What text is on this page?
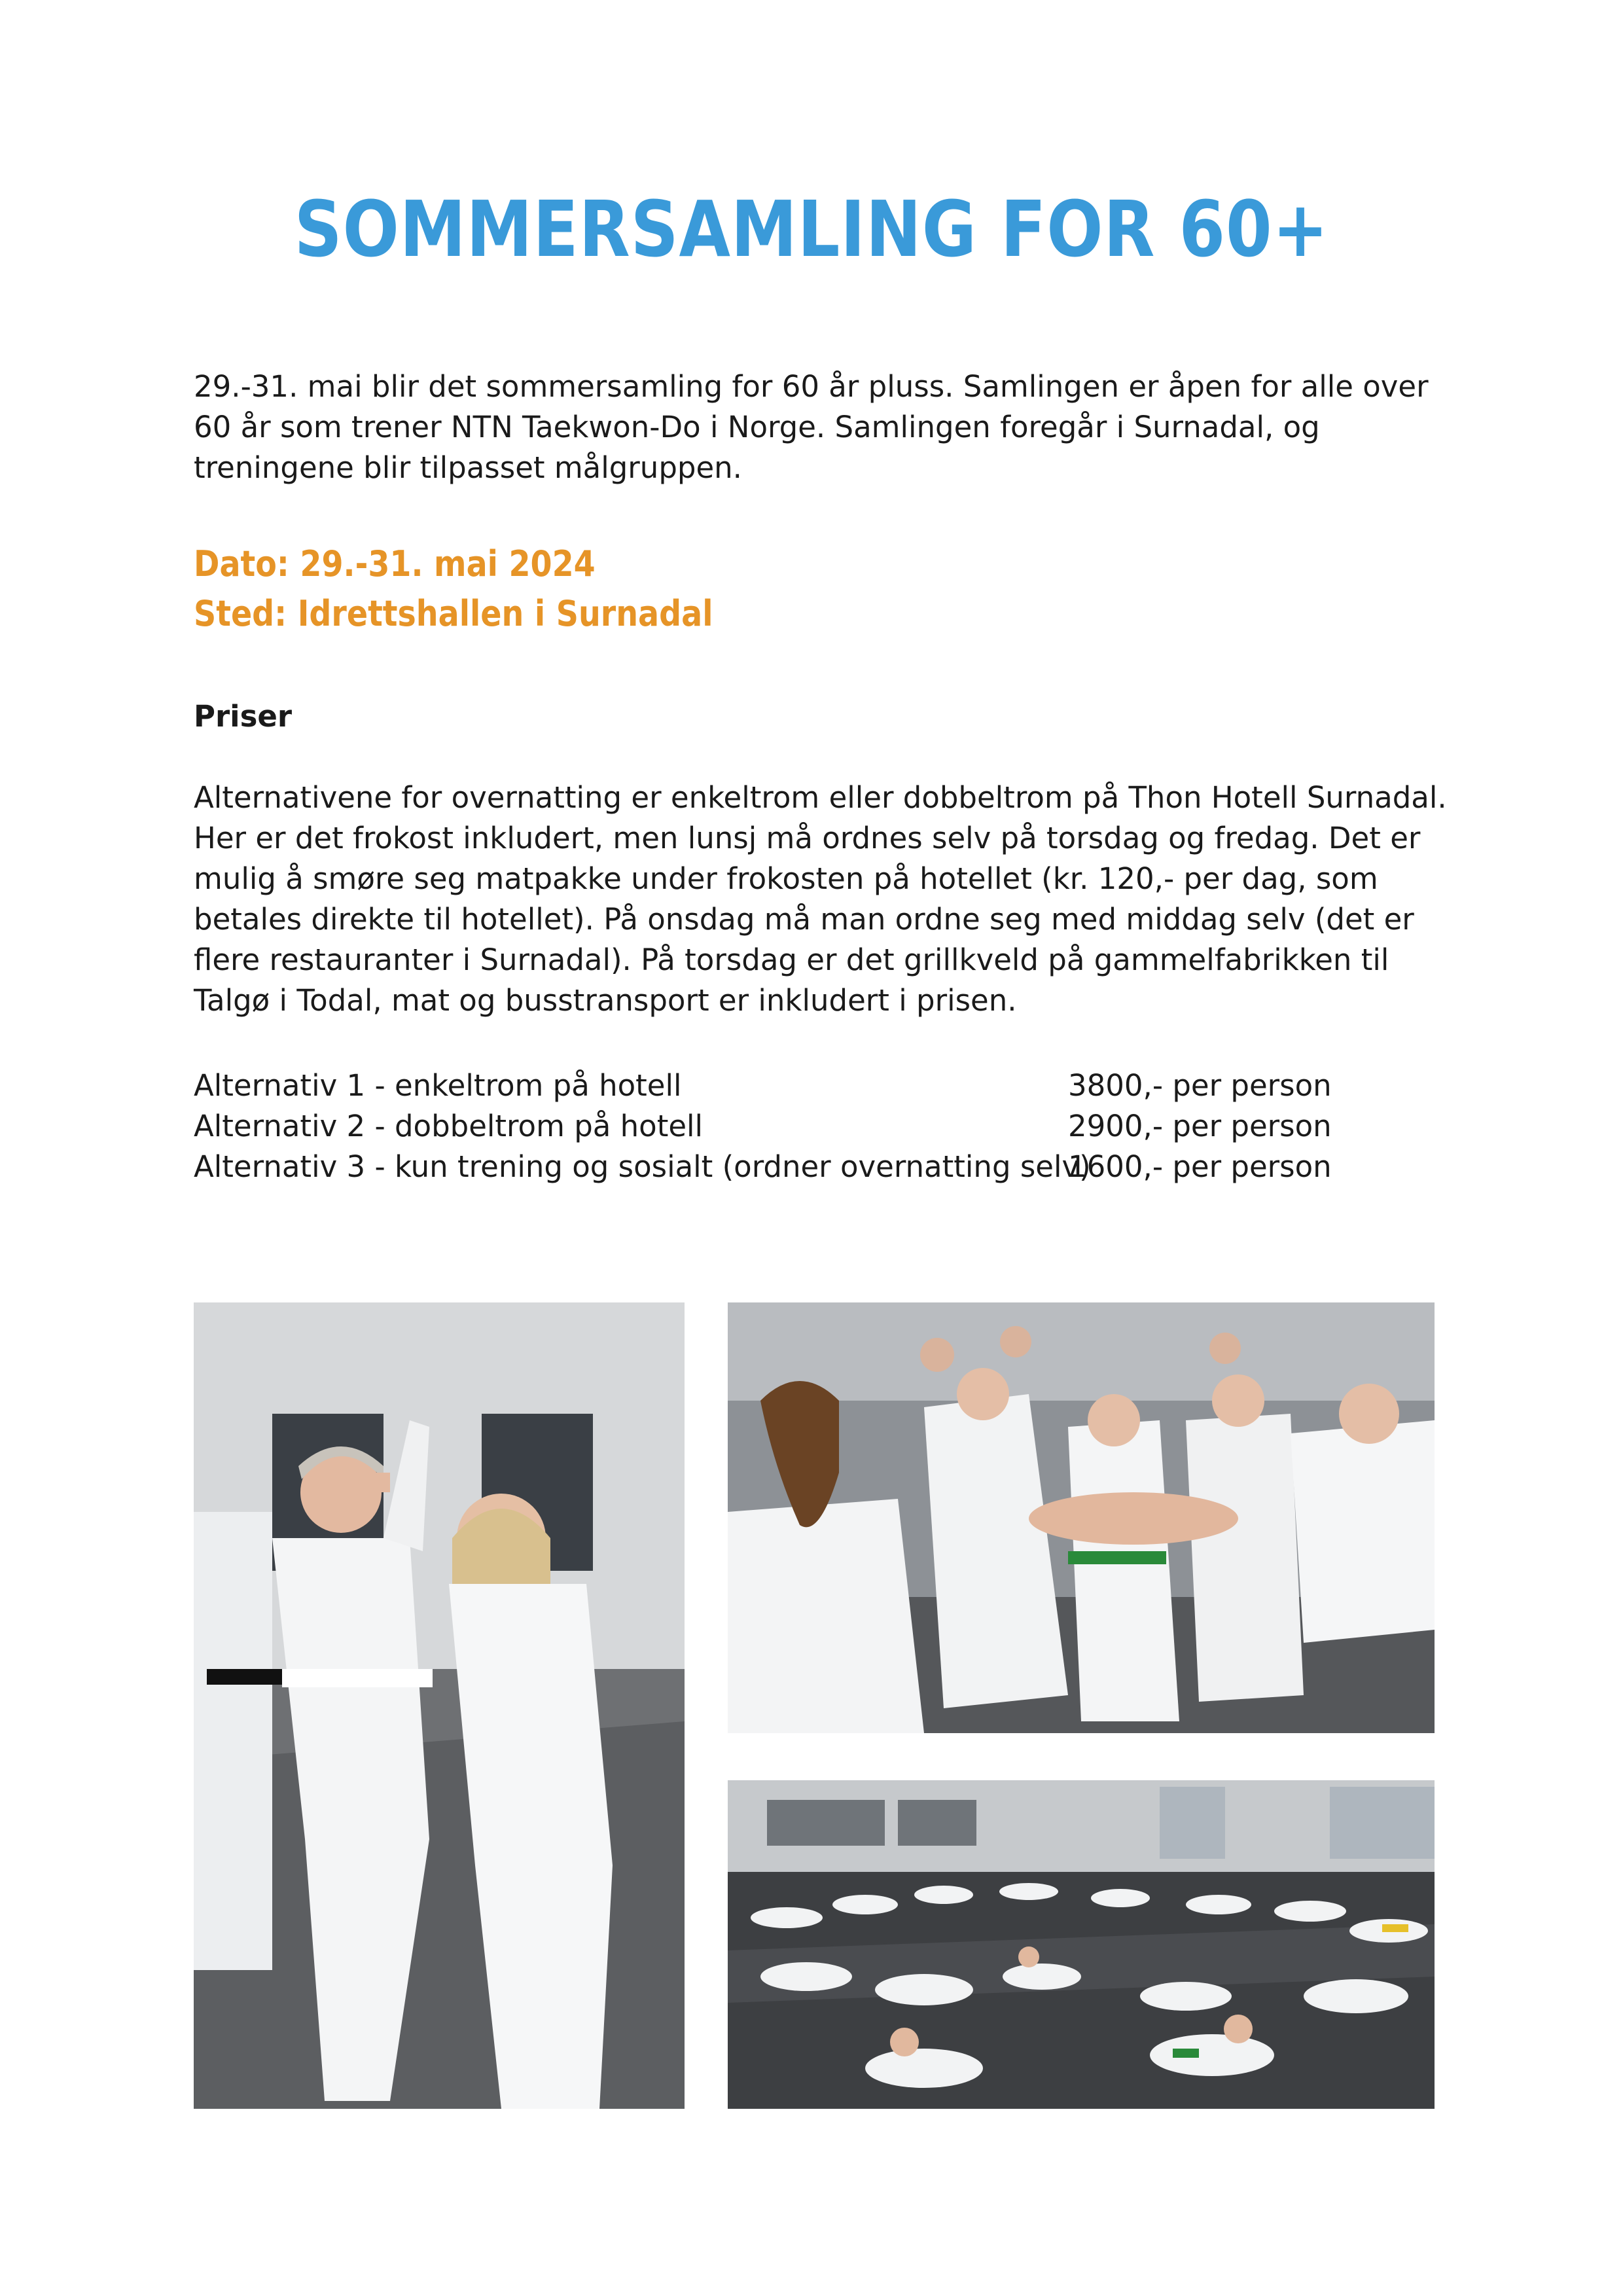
SOMMERSAMLING FOR 60+

29.-31. mai blir det sommersamling for 60 år pluss. Samlingen er åpen for alle over 60 år som trener NTN Taekwon-Do i Norge. Samlingen foregår i Surnadal, og treningene blir tilpasset målgruppen.

Dato: 29.-31. mai 2024
Sted: Idrettshallen i Surnadal
Priser

Alternativene for overnatting er enkeltrom eller dobbeltrom på Thon Hotell Surnadal. Her er det frokost inkludert, men lunsj må ordnes selv på torsdag og fredag. Det er mulig å smøre seg matpakke under frokosten på hotellet (kr. 120,- per dag, som betales direkte til hotellet). På onsdag må man ordne seg med middag selv (det er flere restauranter i Surnadal). På torsdag er det grillkveld på gammelfabrikken til Talgø i Todal, mat og busstransport er inkludert i prisen.

Alternativ 1 - enkeltrom på hotell	3800,- per person
Alternativ 2 - dobbeltrom på hotell	2900,- per person
Alternativ 3 - kun trening og sosialt (ordner overnatting selv)
1600,- per person
